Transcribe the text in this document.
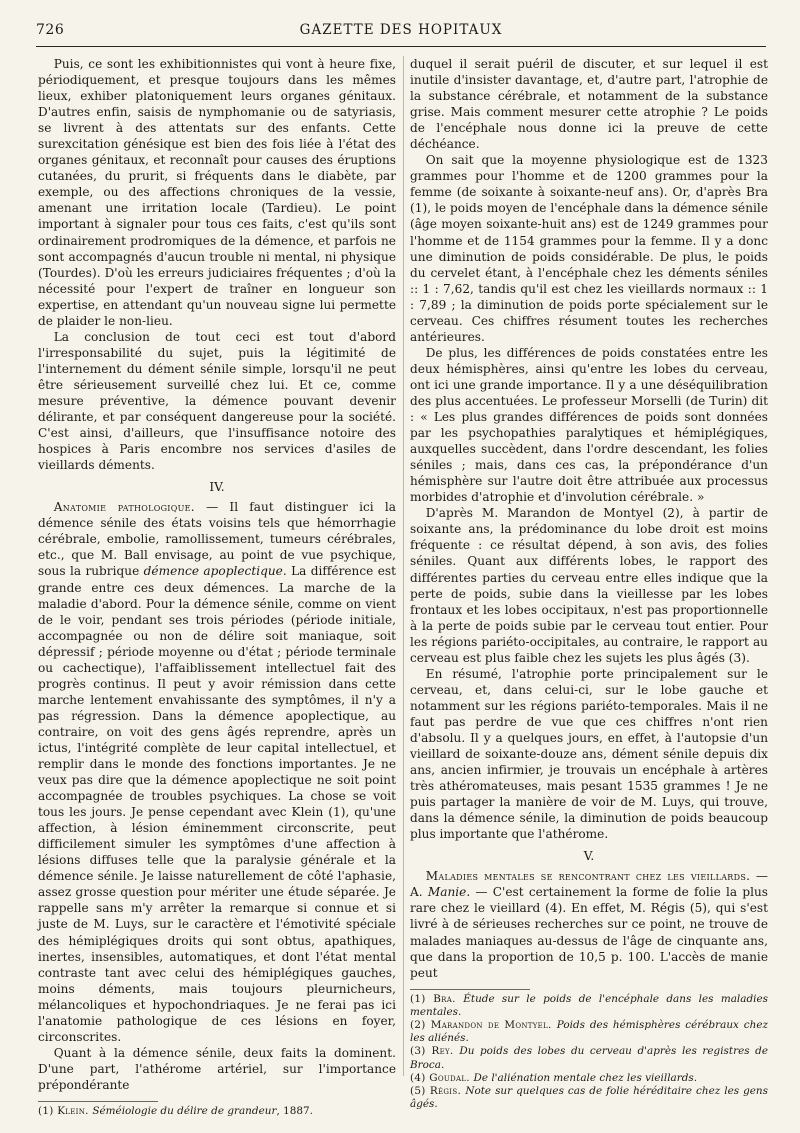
726	GAZETTE DES HOPITAUX

Puis, ce sont les exhibitionnistes qui vont à heure fixe, périodiquement, et presque toujours dans les mêmes lieux, exhiber platoniquement leurs organes génitaux. D'autres enfin, saisis de nymphomanie ou de satyriasis, se livrent à des attentats sur des enfants. Cette surexcitation génésique est bien des fois liée à l'état des organes génitaux, et reconnaît pour causes des éruptions cutanées, du prurit, si fréquents dans le diabète, par exemple, ou des affections chroniques de la vessie, amenant une irritation locale (Tardieu). Le point important à signaler pour tous ces faits, c'est qu'ils sont ordinairement prodromiques de la démence, et parfois ne sont accompagnés d'aucun trouble ni mental, ni physique (Tourdes). D'où les erreurs judiciaires fréquentes ; d'où la nécessité pour l'expert de traîner en longueur son expertise, en attendant qu'un nouveau signe lui permette de plaider le non-lieu.

La conclusion de tout ceci est tout d'abord l'irresponsabilité du sujet, puis la légitimité de l'internement du dément sénile simple, lorsqu'il ne peut être sérieusement surveillé chez lui. Et ce, comme mesure préventive, la démence pouvant devenir délirante, et par conséquent dangereuse pour la société. C'est ainsi, d'ailleurs, que l'insuffisance notoire des hospices à Paris encombre nos services d'asiles de vieillards déments.

IV.

Anatomie pathologique. — Il faut distinguer ici la démence sénile des états voisins tels que hémorrhagie cérébrale, embolie, ramollissement, tumeurs cérébrales, etc., que M. Ball envisage, au point de vue psychique, sous la rubrique démence apoplectique. La différence est grande entre ces deux démences. La marche de la maladie d'abord. Pour la démence sénile, comme on vient de le voir, pendant ses trois périodes (période initiale, accompagnée ou non de délire soit maniaque, soit dépressif ; période moyenne ou d'état ; période terminale ou cachectique), l'affaiblissement intellectuel fait des progrès continus. Il peut y avoir rémission dans cette marche lentement envahissante des symptômes, il n'y a pas régression. Dans la démence apoplectique, au contraire, on voit des gens âgés reprendre, après un ictus, l'intégrité complète de leur capital intellectuel, et remplir dans le monde des fonctions importantes. Je ne veux pas dire que la démence apoplectique ne soit point accompagnée de troubles psychiques. La chose se voit tous les jours. Je pense cependant avec Klein (1), qu'une affection, à lésion éminemment circonscrite, peut difficilement simuler les symptômes d'une affection à lésions diffuses telle que la paralysie générale et la démence sénile. Je laisse naturellement de côté l'aphasie, assez grosse question pour mériter une étude séparée. Je rappelle sans m'y arrêter la remarque si connue et si juste de M. Luys, sur le caractère et l'émotivité spéciale des hémiplégiques droits qui sont obtus, apathiques, inertes, insensibles, automatiques, et dont l'état mental contraste tant avec celui des hémiplégiques gauches, moins déments, mais toujours pleurnicheurs, mélancoliques et hypochondriaques. Je ne ferai pas ici l'anatomie pathologique de ces lésions en foyer, circonscrites.

Quant à la démence sénile, deux faits la dominent. D'une part, l'athérome artériel, sur l'importance prépondérante

(1) Klein. Séméiologie du délire de grandeur, 1887.

duquel il serait puéril de discuter, et sur lequel il est inutile d'insister davantage, et, d'autre part, l'atrophie de la substance cérébrale, et notamment de la substance grise. Mais comment mesurer cette atrophie ? Le poids de l'encéphale nous donne ici la preuve de cette déchéance.

On sait que la moyenne physiologique est de 1323 grammes pour l'homme et de 1200 grammes pour la femme (de soixante à soixante-neuf ans). Or, d'après Bra (1), le poids moyen de l'encéphale dans la démence sénile (âge moyen soixante-huit ans) est de 1249 grammes pour l'homme et de 1154 grammes pour la femme. Il y a donc une diminution de poids considérable. De plus, le poids du cervelet étant, à l'encéphale chez les déments séniles :: 1 : 7,62, tandis qu'il est chez les vieillards normaux :: 1 : 7,89 ; la diminution de poids porte spécialement sur le cerveau. Ces chiffres résument toutes les recherches antérieures.

De plus, les différences de poids constatées entre les deux hémisphères, ainsi qu'entre les lobes du cerveau, ont ici une grande importance. Il y a une déséquilibration des plus accentuées. Le professeur Morselli (de Turin) dit : « Les plus grandes différences de poids sont données par les psychopathies paralytiques et hémiplégiques, auxquelles succèdent, dans l'ordre descendant, les folies séniles ; mais, dans ces cas, la prépondérance d'un hémisphère sur l'autre doit être attribuée aux processus morbides d'atrophie et d'involution cérébrale. »

D'après M. Marandon de Montyel (2), à partir de soixante ans, la prédominance du lobe droit est moins fréquente : ce résultat dépend, à son avis, des folies séniles. Quant aux différents lobes, le rapport des différentes parties du cerveau entre elles indique que la perte de poids, subie dans la vieillesse par les lobes frontaux et les lobes occipitaux, n'est pas proportionnelle à la perte de poids subie par le cerveau tout entier. Pour les régions pariéto-occipitales, au contraire, le rapport au cerveau est plus faible chez les sujets les plus âgés (3).

En résumé, l'atrophie porte principalement sur le cerveau, et, dans celui-ci, sur le lobe gauche et notamment sur les régions pariéto-temporales. Mais il ne faut pas perdre de vue que ces chiffres n'ont rien d'absolu. Il y a quelques jours, en effet, à l'autopsie d'un vieillard de soixante-douze ans, dément sénile depuis dix ans, ancien infirmier, je trouvais un encéphale à artères très athéromateuses, mais pesant 1535 grammes ! Je ne puis partager la manière de voir de M. Luys, qui trouve, dans la démence sénile, la diminution de poids beaucoup plus importante que l'athérome.

V.

Maladies mentales se rencontrant chez les vieillards. — A. Manie. — C'est certainement la forme de folie la plus rare chez le vieillard (4). En effet, M. Régis (5), qui s'est livré à de sérieuses recherches sur ce point, ne trouve de malades maniaques au-dessus de l'âge de cinquante ans, que dans la proportion de 10,5 p. 100. L'accès de manie peut

(1) Bra. Étude sur le poids de l'encéphale dans les maladies mentales.

(2) Marandon de Montyel. Poids des hémisphères cérébraux chez les aliénés.

(3) Rey. Du poids des lobes du cerveau d'après les registres de Broca.

(4) Goudal. De l'aliénation mentale chez les vieillards.

(5) Régis. Note sur quelques cas de folie héréditaire chez les gens âgés.
